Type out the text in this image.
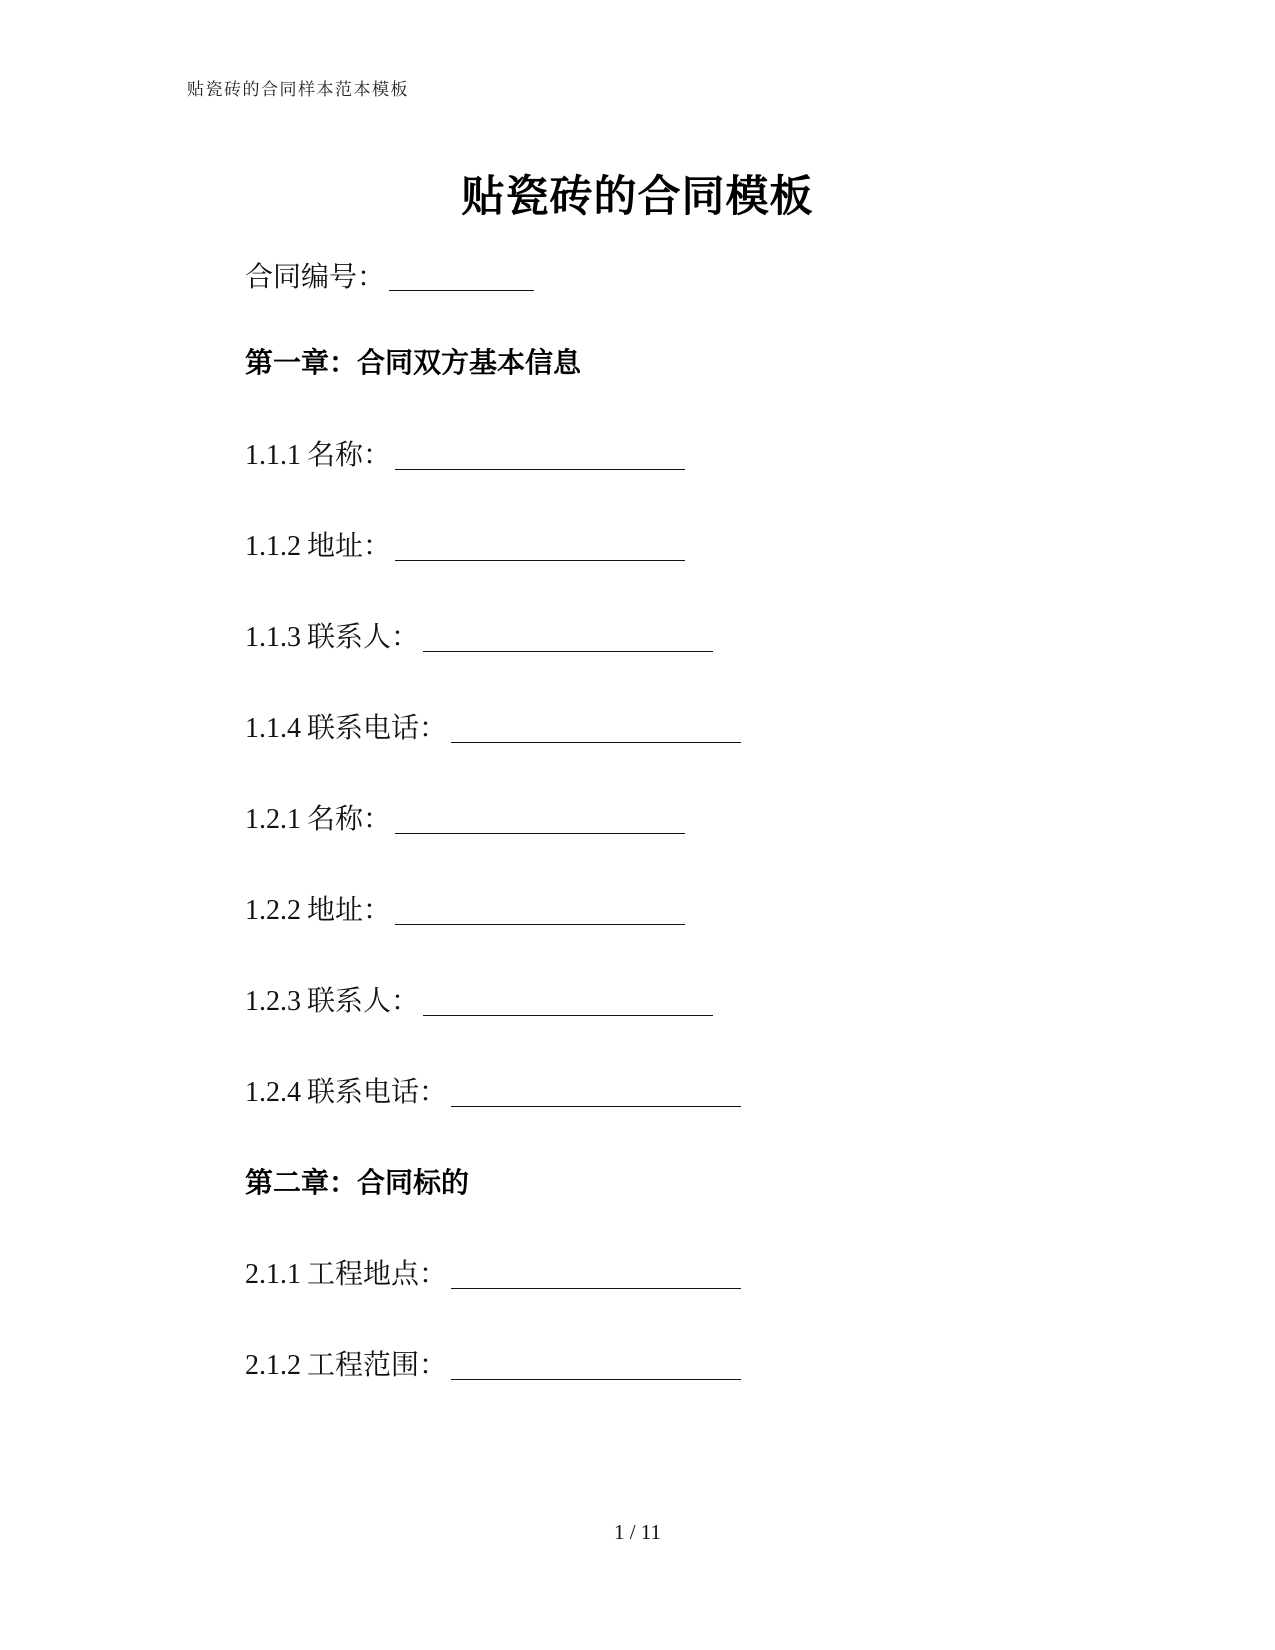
贴瓷砖的合同样本范本模板
贴瓷砖的合同模板
合同编号：
第一章：合同双方基本信息
1.1.1 名称：
1.1.2 地址：
1.1.3 联系人：
1.1.4 联系电话：
1.2.1 名称：
1.2.2 地址：
1.2.3 联系人：
1.2.4 联系电话：
第二章：合同标的
2.1.1 工程地点：
2.1.2 工程范围：
1 / 11
